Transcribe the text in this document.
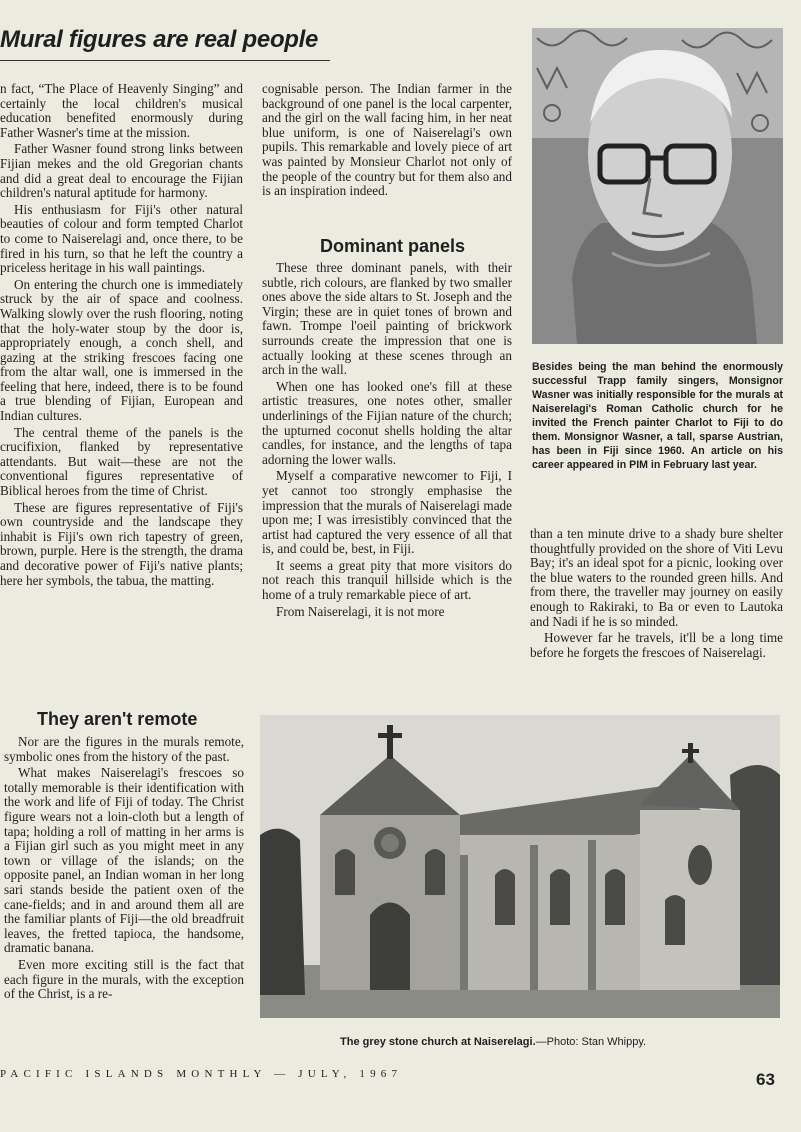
Mural figures are real people

n fact, “The Place of Heavenly Singing” and certainly the local children's musical education benefited enormously during Father Wasner's time at the mission.

Father Wasner found strong links between Fijian mekes and the old Gregorian chants and did a great deal to encourage the Fijian children's natural aptitude for harmony.

His enthusiasm for Fiji's other natural beauties of colour and form tempted Charlot to come to Naiserelagi and, once there, to be fired in his turn, so that he left the country a priceless heritage in his wall paintings.

On entering the church one is immediately struck by the air of space and coolness. Walking slowly over the rush flooring, noting that the holy-water stoup by the door is, appropriately enough, a conch shell, and gazing at the striking frescoes facing one from the altar wall, one is immersed in the feeling that here, indeed, there is to be found a true blending of Fijian, European and Indian cultures.

The central theme of the panels is the crucifixion, flanked by representative attendants. But wait—these are not the conventional figures representative of Biblical heroes from the time of Christ.

These are figures representative of Fiji's own countryside and the landscape they inhabit is Fiji's own rich tapestry of green, brown, purple. Here is the strength, the drama and decorative power of Fiji's native plants; here her symbols, the tabua, the matting.

They aren't remote

Nor are the figures in the murals remote, symbolic ones from the history of the past.

What makes Naiserelagi's frescoes so totally memorable is their identification with the work and life of Fiji of today. The Christ figure wears not a loin-cloth but a length of tapa; holding a roll of matting in her arms is a Fijian girl such as you might meet in any town or village of the islands; on the opposite panel, an Indian woman in her long sari stands beside the patient oxen of the cane-fields; and in and around them all are the familiar plants of Fiji—the old breadfruit leaves, the fretted tapioca, the handsome, dramatic banana.

Even more exciting still is the fact that each figure in the murals, with the exception of the Christ, is a re-

cognisable person. The Indian farmer in the background of one panel is the local carpenter, and the girl on the wall facing him, in her neat blue uniform, is one of Naiserelagi's own pupils. This remarkable and lovely piece of art was painted by Monsieur Charlot not only of the people of the country but for them also and is an inspiration indeed.

Dominant panels

These three dominant panels, with their subtle, rich colours, are flanked by two smaller ones above the side altars to St. Joseph and the Virgin; these are in quiet tones of brown and fawn. Trompe l'oeil painting of brickwork surrounds create the impression that one is actually looking at these scenes through an arch in the wall.

When one has looked one's fill at these artistic treasures, one notes other, smaller underlinings of the Fijian nature of the church; the upturned coconut shells holding the altar candles, for instance, and the lengths of tapa adorning the lower walls.

Myself a comparative newcomer to Fiji, I yet cannot too strongly emphasise the impression that the murals of Naiserelagi made upon me; I was irresistibly convinced that the artist had captured the very essence of all that is, and could be, best, in Fiji.

It seems a great pity that more visitors do not reach this tranquil hillside which is the home of a truly remarkable piece of art.

From Naiserelagi, it is not more

Besides being the man behind the enormously successful Trapp family singers, Monsignor Wasner was initially responsible for the murals at Naiserelagi's Roman Catholic church for he invited the French painter Charlot to Fiji to do them. Monsignor Wasner, a tall, sparse Austrian, has been in Fiji since 1960. An article on his career appeared in PIM in February last year.

than a ten minute drive to a shady bure shelter thoughtfully provided on the shore of Viti Levu Bay; it's an ideal spot for a picnic, looking over the blue waters to the rounded green hills. And from there, the traveller may journey on easily enough to Rakiraki, to Ba or even to Lautoka and Nadi if he is so minded.

However far he travels, it'll be a long time before he forgets the frescoes of Naiserelagi.

The grey stone church at Naiserelagi.—Photo: Stan Whippy.
PACIFIC ISLANDS MONTHLY — JULY, 1967	63
